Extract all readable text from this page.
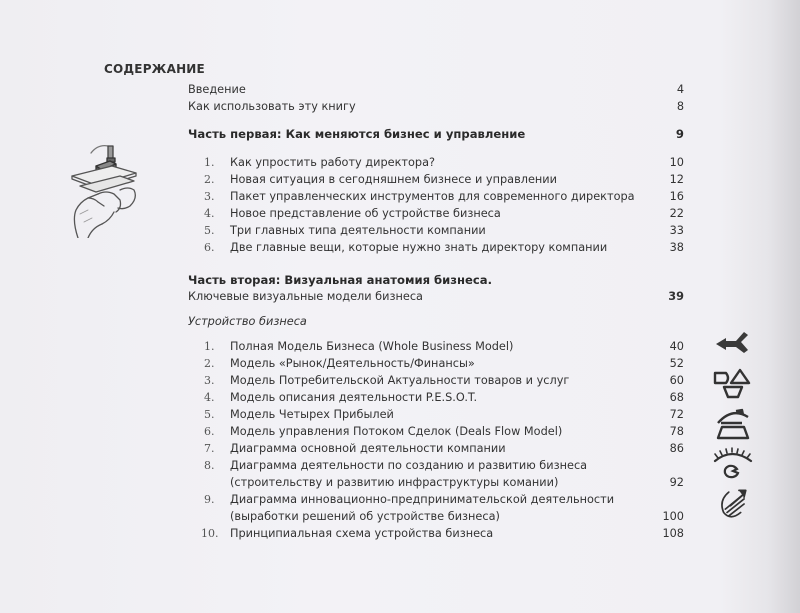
СОДЕРЖАНИЕ
Введение	4
Как использовать эту книгу	8
Часть первая: Как меняются бизнес и управление	9
1. Как упростить работу директора?	10
2. Новая ситуация в сегодняшнем бизнесе и управлении	12
3. Пакет управленческих инструментов для современного директора	16
4. Новое представление об устройстве бизнеса	22
5. Три главных типа деятельности компании	33
6. Две главные вещи, которые нужно знать директору компании	38
Часть вторая: Визуальная анатомия бизнеса.
Ключевые визуальные модели бизнеса	39
Устройство бизнеса
1. Полная Модель Бизнеса (Whole Business Model)	40
2. Модель «Рынок/Деятельность/Финансы»	52
3. Модель Потребительской Актуальности товаров и услуг	60
4. Модель описания деятельности P.E.S.O.T.	68
5. Модель Четырех Прибылей	72
6. Модель управления Потоком Сделок (Deals Flow Model)	78
7. Диаграмма основной деятельности компании	86
8. Диаграмма деятельности по созданию и развитию бизнеса
(строительству и развитию инфраструктуры комании)	92
9. Диаграмма инновационно-предпринимательской деятельности
(выработки решений об устройстве бизнеса)	100
10. Принципиальная схема устройства бизнеса	108
